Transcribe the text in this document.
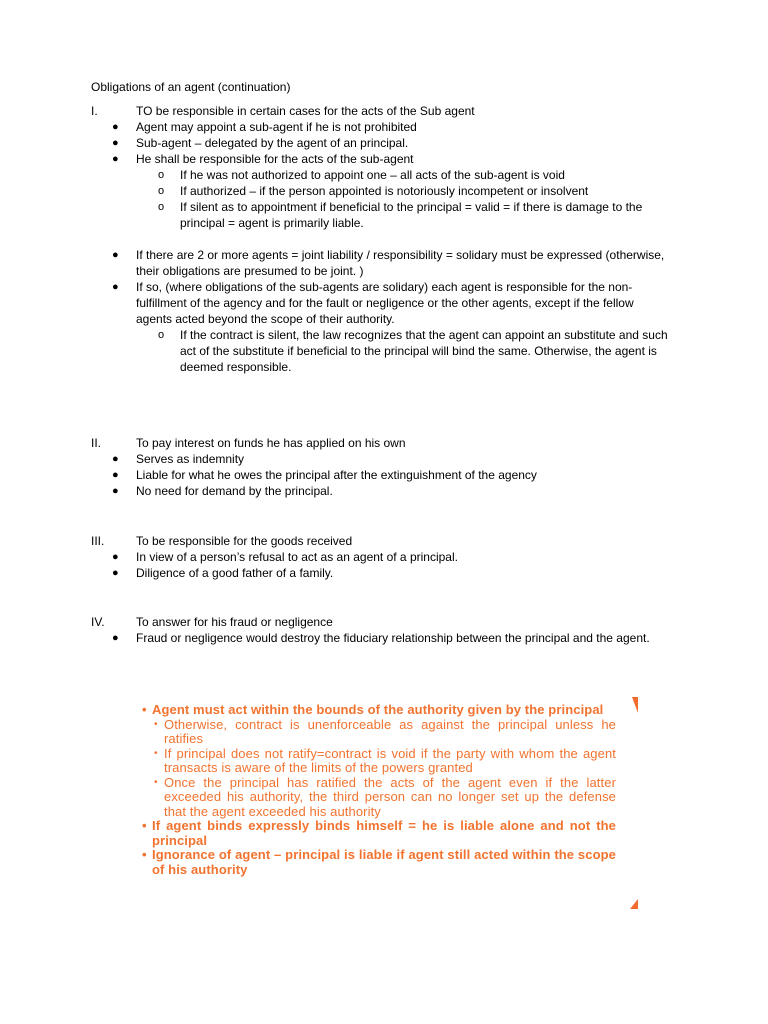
Obligations of an agent (continuation)
I.	TO be responsible in certain cases for the acts of the Sub agent
● Agent may appoint a sub-agent if he is not prohibited
● Sub-agent – delegated by the agent of an principal.
● He shall be responsible for the acts of the sub-agent
o If he was not authorized to appoint one – all acts of the sub-agent is void
o If authorized – if the person appointed is notoriously incompetent or insolvent
o If silent as to appointment if beneficial to the principal = valid = if there is damage to the principal = agent is primarily liable.
● If there are 2 or more agents = joint liability / responsibility = solidary must be expressed (otherwise, their obligations are presumed to be joint. )
● If so, (where obligations of the sub-agents are solidary) each agent is responsible for the non-fulfillment of the agency and for the fault or negligence or the other agents, except if the fellow agents acted beyond the scope of their authority.
o If the contract is silent, the law recognizes that the agent can appoint an substitute and such act of the substitute if beneficial to the principal will bind the same. Otherwise, the agent is deemed responsible.
II.	To pay interest on funds he has applied on his own
● Serves as indemnity
● Liable for what he owes the principal after the extinguishment of the agency
● No need for demand by the principal.
III.	To be responsible for the goods received
● In view of a person’s refusal to act as an agent of a principal.
● Diligence of a good father of a family.
IV.	To answer for his fraud or negligence
● Fraud or negligence would destroy the fiduciary relationship between the principal and the agent.
• Agent must act within the bounds of the authority given by the principal
• Otherwise, contract is unenforceable as against the principal unless he ratifies
• If principal does not ratify=contract is void if the party with whom the agent transacts is aware of the limits of the powers granted
• Once the principal has ratified the acts of the agent even if the latter exceeded his authority, the third person can no longer set up the defense that the agent exceeded his authority
• If agent binds expressly binds himself = he is liable alone and not the principal
• Ignorance of agent – principal is liable if agent still acted within the scope of his authority
